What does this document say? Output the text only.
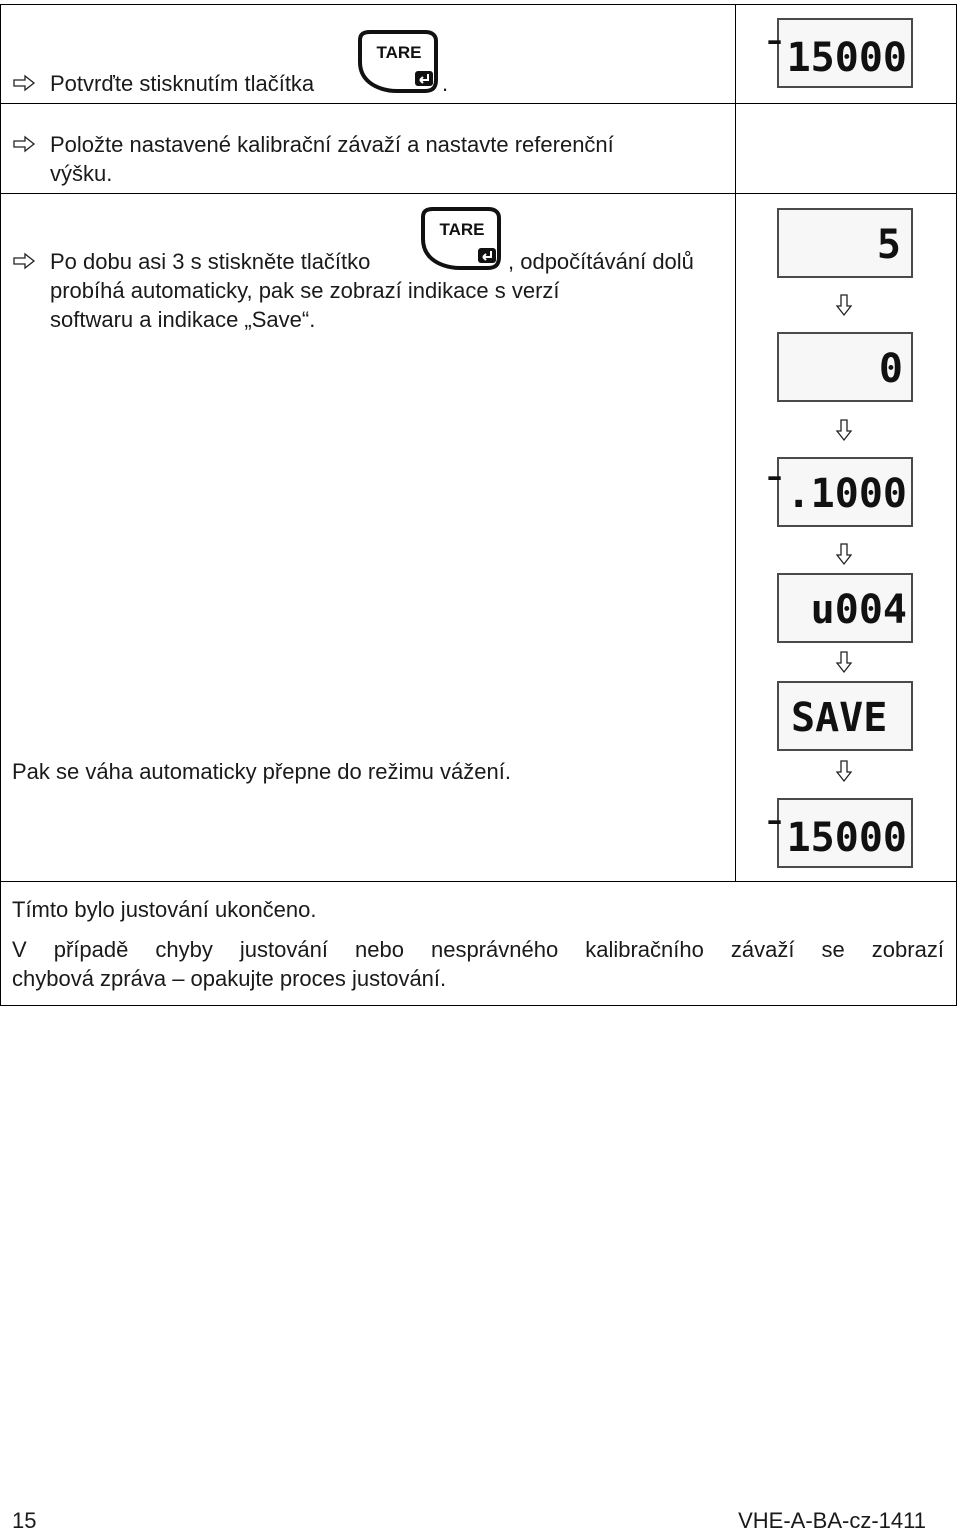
Potvrďte stisknutím tlačítka
TARE
.
¯15000
Položte nastavené kalibrační závaží a nastavte referenční
výšku.
Po dobu asi 3 s stiskněte tlačítko
TARE
, odpočítávání dolů
probíhá automaticky, pak se zobrazí indikace s verzí
softwaru a indikace „Save“.
5
0
¯.1000
u004
SAVE
Pak se váha automaticky přepne do režimu vážení.
¯15000
Tímto bylo justování ukončeno.
V případě chyby justování nebo nesprávného kalibračního závaží se zobrazí
chybová zpráva – opakujte proces justování.
15	VHE-A-BA-cz-1411
